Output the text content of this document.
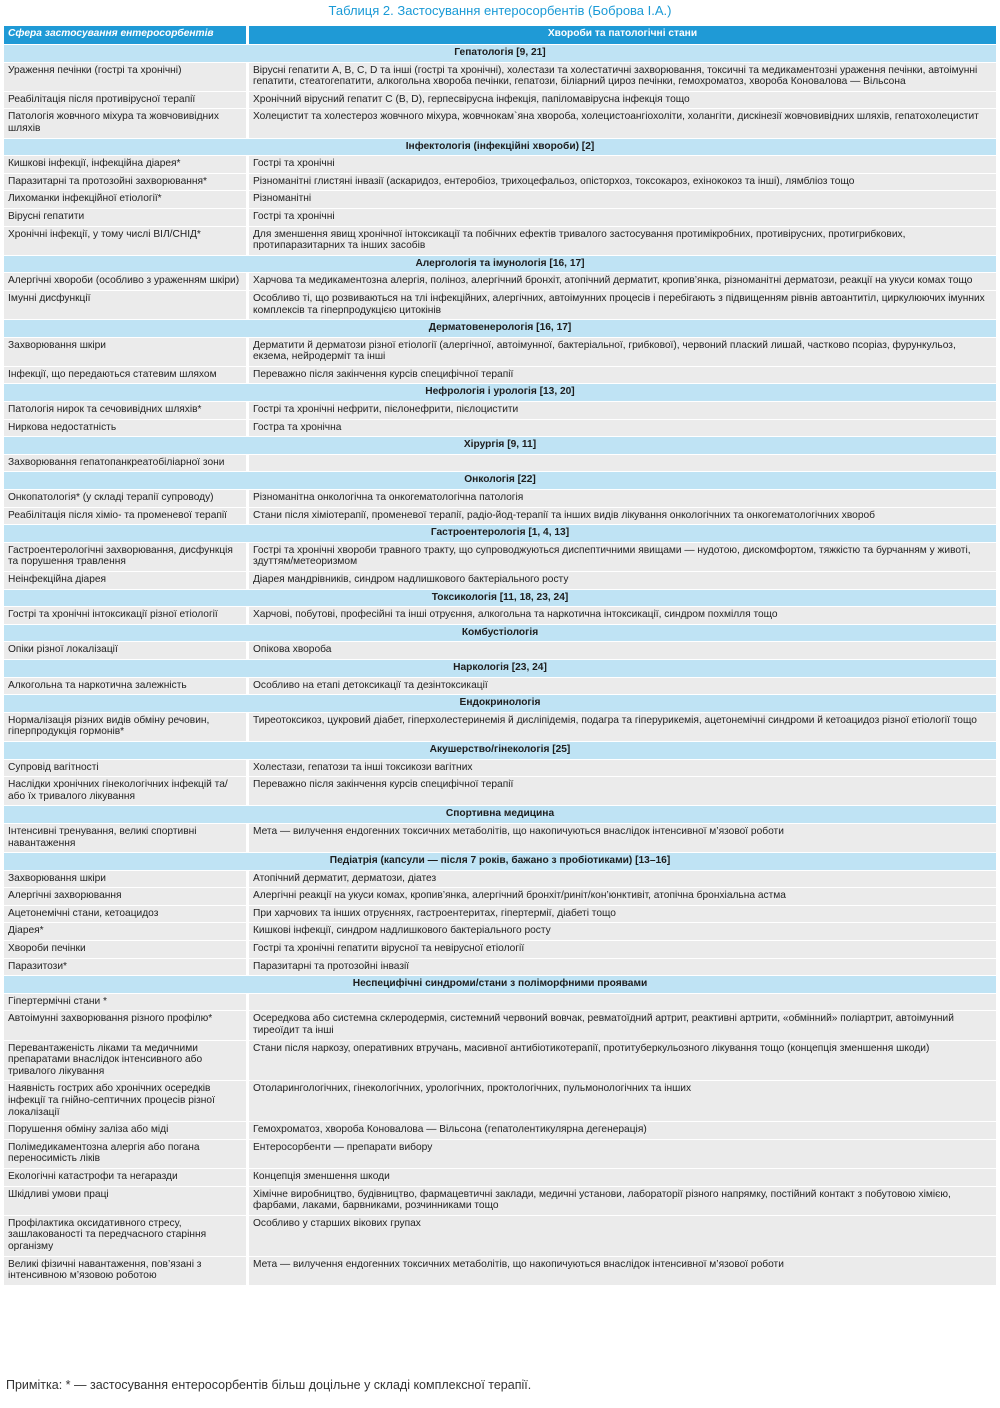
Таблиця 2. Застосування ентеросорбентів (Боброва І.А.)
Сфера застосування ентеросорбентів	Хвороби та патологічні стани
Гепатологія [9, 21]	
Ураження печінки (гострі та хронічні)	Вірусні гепатити A, B, C, D та інші (гострі та хронічні), холестази та холестатичні захворювання, токсичні та медикаментозні ураження печінки, автоімунні гепатити, стеатогепатити, алкогольна хвороба печінки, гепатози, біліарний цироз печінки, гемохроматоз, хвороба Коновалова — Вільсона
Реабілітація після противірусної терапії	Хронічний вірусний гепатит С (В, D), герпесвірусна інфекція, папіломавірусна інфекція тощо
Патологія жовчного міхура та жовчовивідних шляхів	Холецистит та холестероз жовчного міхура, жовчнокам`яна хвороба, холецистоангіохоліти, холангіти, дискінезії жовчовивідних шляхів, гепатохолецистит
Інфектологія (інфекційні хвороби) [2]	
Кишкові інфекції, інфекційна діарея*	Гострі та хронічні
Паразитарні та протозойні захворювання*	Різноманітні глистяні інвазії (аскаридоз, ентеробіоз, трихоцефальоз, опісторхоз, токсокароз, ехінококоз та інші), лямбліоз тощо
Лихоманки інфекційної етіології*	Різноманітні
Вірусні гепатити	Гострі та хронічні
Хронічні інфекції, у тому числі ВІЛ/СНІД*	Для зменшення явищ хронічної інтоксикації та побічних ефектів тривалого застосування протимікробних, противірусних, протигрибкових, протипаразитарних та інших засобів
Алергологія та імунологія [16, 17]	
Алергічні хвороби (особливо з ураженням шкіри)	Харчова та медикаментозна алергія, поліноз, алергічний бронхіт, атопічний дерматит, кропив’янка, різноманітні дерматози, реакції на укуси комах тощо
Імунні дисфункції	Особливо ті, що розвиваються на тлі інфекційних, алергічних, автоімунних процесів і перебігають з підвищенням рівнів автоантитіл, циркулюючих імунних комплексів та гіперпродукцією цитокінів
Дерматовенерологія [16, 17]	
Захворювання шкіри	Дерматити й дерматози різної етіології (алергічної, автоімунної, бактеріальної, грибкової), червоний плаский лишай, частково псоріаз, фурункульоз, екзема, нейродерміт та інші
Інфекції, що передаються статевим шляхом	Переважно після закінчення курсів специфічної терапії
Нефрологія і урологія [13, 20]	
Патологія нирок та сечовивідних шляхів*	Гострі та хронічні нефрити, пієлонефрити, пієлоцистити
Ниркова недостатність	Гостра та хронічна
Хірургія [9, 11]	
Захворювання гепатопанкреатобіліарної зони	
Онкологія [22]	
Онкопатологія* (у складі терапії супроводу)	Різноманітна онкологічна та онкогематологічна патологія
Реабілітація після хіміо- та променевої терапії	Стани після хіміотерапії, променевої терапії, радіо-йод-терапії та інших видів лікування онкологічних та онкогематологічних хвороб
Гастроентерологія [1, 4, 13]	
Гастроентерологічні захворювання, дисфункція та порушення травлення	Гострі та хронічні хвороби травного тракту, що супроводжуються диспептичними явищами — нудотою, дискомфортом, тяжкістю та бурчанням у животі, здуттям/метеоризмом
Неінфекційна діарея	Діарея мандрівників, синдром надлишкового бактеріального росту
Токсикологія [11, 18, 23, 24]	
Гострі та хронічні інтоксикації різної етіології	Харчові, побутові, професійні та інші отруєння, алкогольна та наркотична інтоксикації, синдром похмілля тощо
Комбустіологія	
Опіки різної локалізації	Опікова хвороба
Наркологія [23, 24]	
Алкогольна та наркотична залежність	Особливо на етапі детоксикації та дезінтоксикації
Ендокринологія	
Нормалізація різних видів обміну речовин, гіперпродукція гормонів*	Тиреотоксикоз, цукровий діабет, гіперхолестеринемія й дисліпідемія, подагра та гіперурикемія, ацетонемічні синдроми й кетоацидоз різної етіології тощо
Акушерство/гінекологія [25]	
Супровід вагітності	Холестази, гепатози та інші токсикози вагітних
Наслідки хронічних гінекологічних інфекцій та/або їх тривалого лікування	Переважно після закінчення курсів специфічної терапії
Спортивна медицина	
Інтенсивні тренування, великі спортивні навантаження	Мета — вилучення ендогенних токсичних метаболітів, що накопичуються внаслідок інтенсивної м’язової роботи
Педіатрія (капсули — після 7 років, бажано з пробіотиками) [13–16]	
Захворювання шкіри	Атопічний дерматит, дерматози, діатез
Алергічні захворювання	Алергічні реакції на укуси комах, кропив’янка, алергічний бронхіт/риніт/кон’юнктивіт, атопічна бронхіальна астма
Ацетонемічні стани, кетоацидоз	При харчових та інших отруєннях, гастроентеритах, гіпертермії, діабеті тощо
Діарея*	Кишкові інфекції, синдром надлишкового бактеріального росту
Хвороби печінки	Гострі та хронічні гепатити вірусної та невірусної етіології
Паразитози*	Паразитарні та протозойні інвазії
Неспецифічні синдроми/стани з поліморфними проявами	
Гіпертермічні стани *	
Автоімунні захворювання різного профілю*	Осередкова або системна склеродермія, системний червоний вовчак, ревматоїдний артрит, реактивні артрити, «обмінний» поліартрит, автоімунний тиреоїдит та інші
Перевантаженість ліками та медичними препаратами внаслідок інтенсивного або тривалого лікування	Стани після наркозу, оперативних втручань, масивної антибіотикотерапії, протитуберкульозного лікування тощо (концепція зменшення шкоди)
Наявність гострих або хронічних осередків інфекції та гнійно-септичних процесів різної локалізації	Отоларингологічних, гінекологічних, урологічних, проктологічних, пульмонологічних та інших
Порушення обміну заліза або міді	Гемохроматоз, хвороба Коновалова — Вільсона (гепатолентикулярна дегенерація)
Полімедикаментозна алергія або погана переносимість ліків	Ентеросорбенти — препарати вибору
Екологічні катастрофи та негаразди	Концепція зменшення шкоди
Шкідливі умови праці	Хімічне виробництво, будівництво, фармацевтичні заклади, медичні установи, лабораторії різного напрямку, постійний контакт з побутовою хімією, фарбами, лаками, барвниками, розчинниками тощо
Профілактика оксидативного стресу, зашлакованості та передчасного старіння організму	Особливо у старших вікових групах
Великі фізичні навантаження, пов’язані з інтенсивною м’язовою роботою	Мета — вилучення ендогенних токсичних метаболітів, що накопичуються внаслідок інтенсивної м’язової роботи
Примітка: * — застосування ентеросорбентів більш доцільне у складі комплексної терапії.
